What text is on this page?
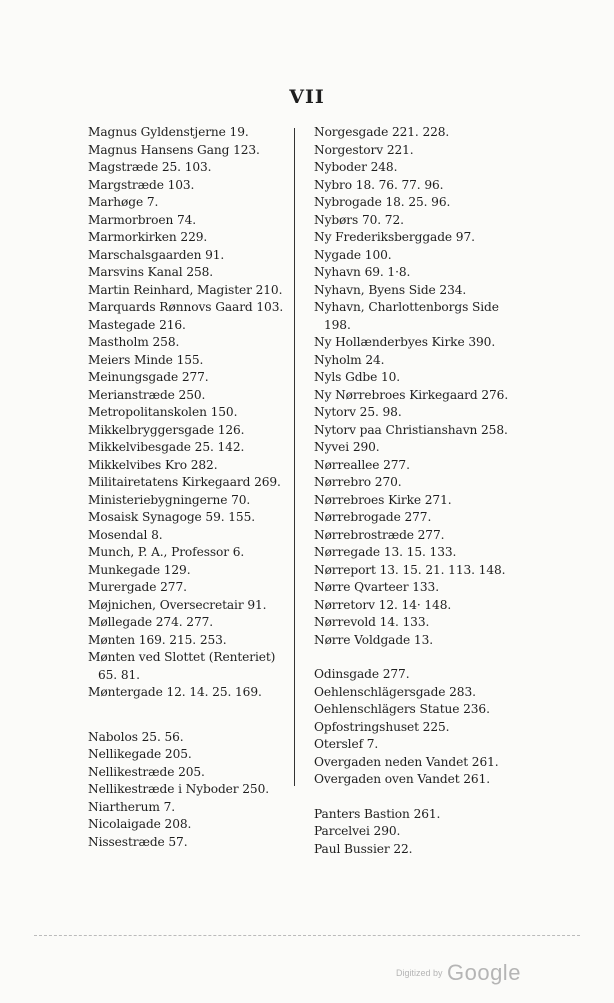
VII
Magnus Gyldenstjerne 19.
Magnus Hansens Gang 123.
Magstræde 25. 103.
Margstræde 103.
Marhøge 7.
Marmorbroen 74.
Marmorkirken 229.
Marschalsgaarden 91.
Marsvins Kanal 258.
Martin Reinhard, Magister 210.
Marquards Rønnovs Gaard 103.
Mastegade 216.
Mastholm 258.
Meiers Minde 155.
Meinungsgade 277.
Merianstræde 250.
Metropolitanskolen 150.
Mikkelbryggersgade 126.
Mikkelvibesgade 25. 142.
Mikkelvibes Kro 282.
Militairetatens Kirkegaard 269.
Ministeriebygningerne 70.
Mosaisk Synagoge 59. 155.
Mosendal 8.
Munch, P. A., Professor 6.
Munkegade 129.
Murergade 277.
Møjnichen, Oversecretair 91.
Møllegade 274. 277.
Mønten 169. 215. 253.
Mønten ved Slottet (Renteriet)
65. 81.
Møntergade 12. 14. 25. 169.
Nabolos 25. 56.
Nellikegade 205.
Nellikestræde 205.
Nellikestræde i Nyboder 250.
Niartherum 7.
Nicolaigade 208.
Nissestræde 57.
Norgesgade 221. 228.
Norgestorv 221.
Nyboder 248.
Nybro 18. 76. 77. 96.
Nybrogade 18. 25. 96.
Nybørs 70. 72.
Ny Frederiksberggade 97.
Nygade 100.
Nyhavn 69. 1·8.
Nyhavn, Byens Side 234.
Nyhavn, Charlottenborgs Side
198.
Ny Hollænderbyes Kirke 390.
Nyholm 24.
Nyls Gdbe 10.
Ny Nørrebroes Kirkegaard 276.
Nytorv 25. 98.
Nytorv paa Christianshavn 258.
Nyvei 290.
Nørreallee 277.
Nørrebro 270.
Nørrebroes Kirke 271.
Nørrebrogade 277.
Nørrebrostræde 277.
Nørregade 13. 15. 133.
Nørreport 13. 15. 21. 113. 148.
Nørre Qvarteer 133.
Nørretorv 12. 14· 148.
Nørrevold 14. 133.
Nørre Voldgade 13.
Odinsgade 277.
Oehlenschlägersgade 283.
Oehlenschlägers Statue 236.
Opfostringshuset 225.
Oterslef 7.
Overgaden neden Vandet 261.
Overgaden oven Vandet 261.
Panters Bastion 261.
Parcelvei 290.
Paul Bussier 22.
Digitized by Google
